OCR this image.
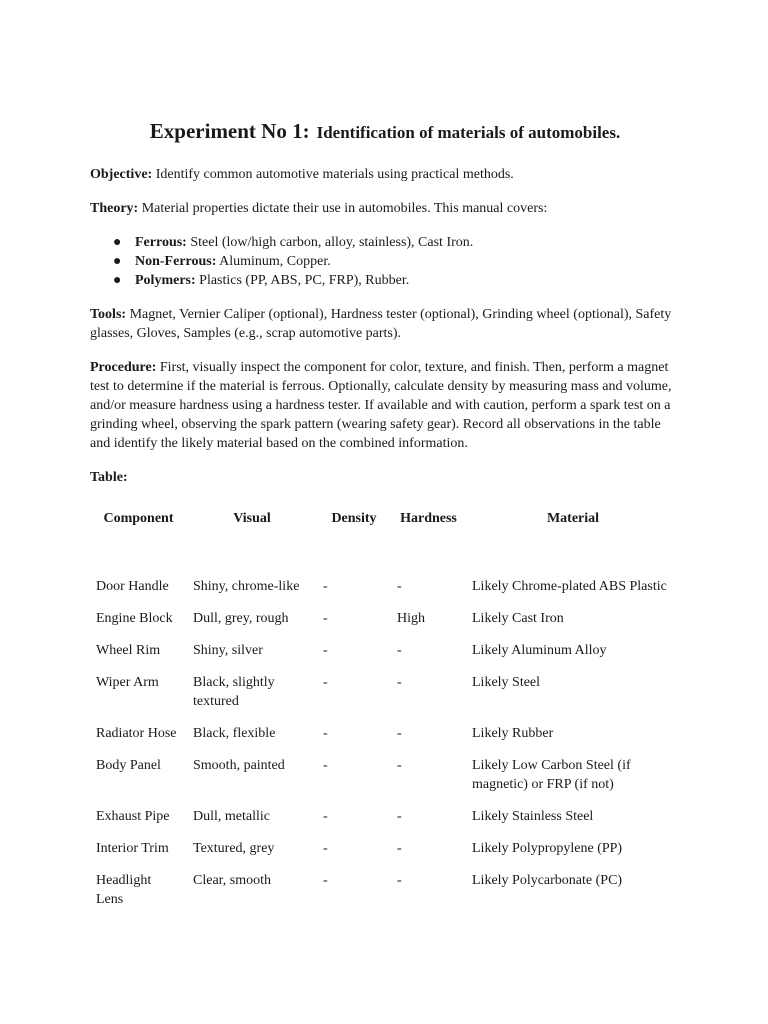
Experiment No 1: Identification of materials of automobiles.

Objective: Identify common automotive materials using practical methods.

Theory: Material properties dictate their use in automobiles. This manual covers:

● Ferrous: Steel (low/high carbon, alloy, stainless), Cast Iron.
● Non-Ferrous: Aluminum, Copper.
● Polymers: Plastics (PP, ABS, PC, FRP), Rubber.

Tools: Magnet, Vernier Caliper (optional), Hardness tester (optional), Grinding wheel (optional), Safety glasses, Gloves, Samples (e.g., scrap automotive parts).

Procedure: First, visually inspect the component for color, texture, and finish. Then, perform a magnet test to determine if the material is ferrous. Optionally, calculate density by measuring mass and volume, and/or measure hardness using a hardness tester. If available and with caution, perform a spark test on a grinding wheel, observing the spark pattern (wearing safety gear). Record all observations in the table and identify the likely material based on the combined information.

Table:

Component	Visual	Density	Hardness	Material
Door Handle	Shiny, chrome-like	-	-	Likely Chrome-plated ABS Plastic
Engine Block	Dull, grey, rough	-	High	Likely Cast Iron
Wheel Rim	Shiny, silver	-	-	Likely Aluminum Alloy
Wiper Arm	Black, slightly textured	-	-	Likely Steel
Radiator Hose	Black, flexible	-	-	Likely Rubber
Body Panel	Smooth, painted	-	-	Likely Low Carbon Steel (if magnetic) or FRP (if not)
Exhaust Pipe	Dull, metallic	-	-	Likely Stainless Steel
Interior Trim	Textured, grey	-	-	Likely Polypropylene (PP)
Headlight Lens	Clear, smooth	-	-	Likely Polycarbonate (PC)
